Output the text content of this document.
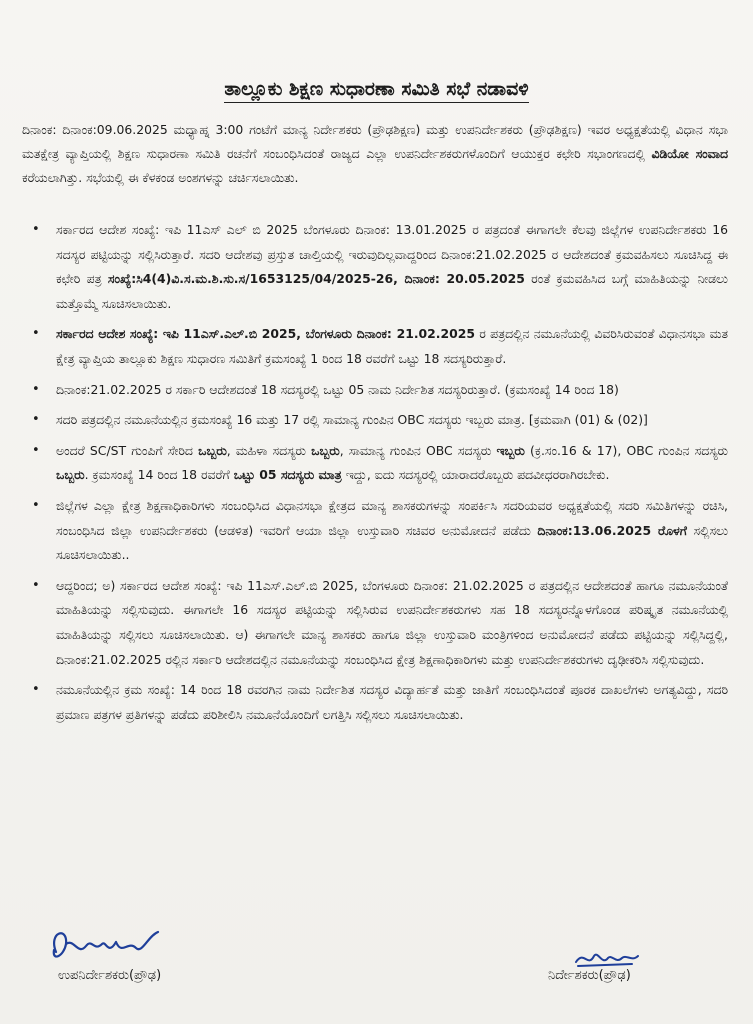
ತಾಲ್ಲೂಕು ಶಿಕ್ಷಣ ಸುಧಾರಣಾ ಸಮಿತಿ ಸಭೆ ನಡಾವಳಿ

ದಿನಾಂಕ: ದಿನಾಂಕ:09.06.2025 ಮಧ್ಯಾಹ್ನ 3:00 ಗಂಟೆಗೆ ಮಾನ್ಯ ನಿರ್ದೇಶಕರು (ಪ್ರೌಢಶಿಕ್ಷಣ) ಮತ್ತು ಉಪನಿರ್ದೇಶಕರು (ಪ್ರೌಢಶಿಕ್ಷಣ) ಇವರ ಅಧ್ಯಕ್ಷತೆಯಲ್ಲಿ ವಿಧಾನ ಸಭಾ ಮತಕ್ಷೇತ್ರ ವ್ಯಾಪ್ತಿಯಲ್ಲಿ ಶಿಕ್ಷಣ ಸುಧಾರಣಾ ಸಮಿತಿ ರಚನೆಗೆ ಸಂಬಂಧಿಸಿದಂತೆ ರಾಜ್ಯದ ಎಲ್ಲಾ ಉಪನಿರ್ದೇಶಕರುಗಳೊಂದಿಗೆ ಆಯುಕ್ತರ ಕಛೇರಿ ಸಭಾಂಗಣದಲ್ಲಿ ವಿಡಿಯೋ ಸಂವಾದ ಕರೆಯಲಾಗಿತ್ತು. ಸಭೆಯಲ್ಲಿ ಈ ಕೆಳಕಂಡ ಅಂಶಗಳನ್ನು ಚರ್ಚಿಸಲಾಯಿತು.

• ಸರ್ಕಾರದ ಆದೇಶ ಸಂಖ್ಯೆ: ಇಪಿ 11ಎಸ್ ಎಲ್ ಬಿ 2025 ಬೆಂಗಳೂರು ದಿನಾಂಕ: 13.01.2025 ರ ಪತ್ರದಂತೆ ಈಗಾಗಲೇ ಕೆಲವು ಜಿಲ್ಲೆಗಳ ಉಪನಿರ್ದೇಶಕರು 16 ಸದಸ್ಯರ ಪಟ್ಟಿಯನ್ನು ಸಲ್ಲಿಸಿರುತ್ತಾರೆ. ಸದರಿ ಆದೇಶವು ಪ್ರಸ್ತುತ ಚಾಲ್ತಿಯಲ್ಲಿ ಇರುವುದಿಲ್ಲವಾದ್ದರಿಂದ ದಿನಾಂಕ:21.02.2025 ರ ಆದೇಶದಂತೆ ಕ್ರಮವಹಿಸಲು ಸೂಚಿಸಿದ್ದ ಈ ಕಛೇರಿ ಪತ್ರ ಸಂಖ್ಯೆ:ಸಿ4(4)ವಿ.ಸ.ಮ.ಶಿ.ಸು.ಸ/1653125/04/2025-26, ದಿನಾಂಕ: 20.05.2025 ರಂತೆ ಕ್ರಮವಹಿಸಿದ ಬಗ್ಗೆ ಮಾಹಿತಿಯನ್ನು ನೀಡಲು ಮತ್ತೊಮ್ಮೆ ಸೂಚಿಸಲಾಯಿತು.
• ಸರ್ಕಾರದ ಆದೇಶ ಸಂಖ್ಯೆ: ಇಪಿ 11ಎಸ್.ಎಲ್.ಬಿ 2025, ಬೆಂಗಳೂರು ದಿನಾಂಕ: 21.02.2025 ರ ಪತ್ರದಲ್ಲಿನ ನಮೂನೆಯಲ್ಲಿ ವಿವರಿಸಿರುವಂತೆ ವಿಧಾನಸಭಾ ಮತ ಕ್ಷೇತ್ರ ವ್ಯಾಪ್ತಿಯ ತಾಲ್ಲೂಕು ಶಿಕ್ಷಣ ಸುಧಾರಣ ಸಮಿತಿಗೆ ಕ್ರಮಸಂಖ್ಯೆ 1 ರಿಂದ 18 ರವರೆಗೆ ಒಟ್ಟು 18 ಸದಸ್ಯರಿರುತ್ತಾರೆ.
• ದಿನಾಂಕ:21.02.2025 ರ ಸರ್ಕಾರಿ ಆದೇಶದಂತೆ 18 ಸದಸ್ಯರಲ್ಲಿ ಒಟ್ಟು 05 ನಾಮ ನಿರ್ದೇಶಿತ ಸದಸ್ಯರಿರುತ್ತಾರೆ. (ಕ್ರಮಸಂಖ್ಯೆ 14 ರಿಂದ 18)
• ಸದರಿ ಪತ್ರದಲ್ಲಿನ ನಮೂನೆಯಲ್ಲಿನ ಕ್ರಮಸಂಖ್ಯೆ 16 ಮತ್ತು 17 ರಲ್ಲಿ ಸಾಮಾನ್ಯ ಗುಂಪಿನ OBC ಸದಸ್ಯರು ಇಬ್ಬರು ಮಾತ್ರ. [ಕ್ರಮವಾಗಿ (01) & (02)]
• ಅಂದರೆ SC/ST ಗುಂಪಿಗೆ ಸೇರಿದ ಒಬ್ಬರು, ಮಹಿಳಾ ಸದಸ್ಯರು ಒಬ್ಬರು, ಸಾಮಾನ್ಯ ಗುಂಪಿನ OBC ಸದಸ್ಯರು ಇಬ್ಬರು (ಕ್ರ.ಸಂ.16 & 17), OBC ಗುಂಪಿನ ಸದಸ್ಯರು ಒಬ್ಬರು. ಕ್ರಮಸಂಖ್ಯೆ 14 ರಿಂದ 18 ರವರೆಗೆ ಒಟ್ಟು 05 ಸದಸ್ಯರು ಮಾತ್ರ ಇದ್ದು, ಐದು ಸದಸ್ಯರಲ್ಲಿ ಯಾರಾದರೊಬ್ಬರು ಪದವೀಧರರಾಗಿರಬೇಕು.
• ಜಿಲ್ಲೆಗಳ ಎಲ್ಲಾ ಕ್ಷೇತ್ರ ಶಿಕ್ಷಣಾಧಿಕಾರಿಗಳು ಸಂಬಂಧಿಸಿದ ವಿಧಾನಸಭಾ ಕ್ಷೇತ್ರದ ಮಾನ್ಯ ಶಾಸಕರುಗಳನ್ನು ಸಂಪರ್ಕಿಸಿ ಸದರಿಯವರ ಅಧ್ಯಕ್ಷತೆಯಲ್ಲಿ ಸದರಿ ಸಮಿತಿಗಳನ್ನು ರಚಿಸಿ, ಸಂಬಂಧಿಸಿದ ಜಿಲ್ಲಾ ಉಪನಿರ್ದೇಶಕರು (ಆಡಳಿತ) ಇವರಿಗೆ ಆಯಾ ಜಿಲ್ಲಾ ಉಸ್ತುವಾರಿ ಸಚಿವರ ಅನುಮೋದನೆ ಪಡೆದು ದಿನಾಂಕ:13.06.2025 ರೊಳಗೆ ಸಲ್ಲಿಸಲು ಸೂಚಿಸಲಾಯಿತು..
• ಆದ್ದರಿಂದ; ಅ) ಸರ್ಕಾರದ ಆದೇಶ ಸಂಖ್ಯೆ: ಇಪಿ 11ಎಸ್.ಎಲ್.ಬಿ 2025, ಬೆಂಗಳೂರು ದಿನಾಂಕ: 21.02.2025 ರ ಪತ್ರದಲ್ಲಿನ ಆದೇಶದಂತೆ ಹಾಗೂ ನಮೂನೆಯಂತೆ ಮಾಹಿತಿಯನ್ನು ಸಲ್ಲಿಸುವುದು. ಈಗಾಗಲೇ 16 ಸದಸ್ಯರ ಪಟ್ಟಿಯನ್ನು ಸಲ್ಲಿಸಿರುವ ಉಪನಿರ್ದೇಶಕರುಗಳು ಸಹ 18 ಸದಸ್ಯರನ್ನೊಳಗೊಂಡ ಪರಿಷ್ಕೃತ ನಮೂನೆಯಲ್ಲಿ ಮಾಹಿತಿಯನ್ನು ಸಲ್ಲಿಸಲು ಸೂಚಿಸಲಾಯಿತು. ಆ) ಈಗಾಗಲೇ ಮಾನ್ಯ ಶಾಸಕರು ಹಾಗೂ ಜಿಲ್ಲಾ ಉಸ್ತುವಾರಿ ಮಂತ್ರಿಗಳಿಂದ ಅನುಮೋದನೆ ಪಡೆದು ಪಟ್ಟಿಯನ್ನು ಸಲ್ಲಿಸಿದ್ದಲ್ಲಿ, ದಿನಾಂಕ:21.02.2025 ರಲ್ಲಿನ ಸರ್ಕಾರಿ ಆದೇಶದಲ್ಲಿನ ನಮೂನೆಯನ್ನು ಸಂಬಂಧಿಸಿದ ಕ್ಷೇತ್ರ ಶಿಕ್ಷಣಾಧಿಕಾರಿಗಳು ಮತ್ತು ಉಪನಿರ್ದೇಶಕರುಗಳು ದೃಢೀಕರಿಸಿ ಸಲ್ಲಿಸುವುದು.
• ನಮೂನೆಯಲ್ಲಿನ ಕ್ರಮ ಸಂಖ್ಯೆ: 14 ರಿಂದ 18 ರವರಗಿನ ನಾಮ ನಿರ್ದೇಶಿತ ಸದಸ್ಯರ ವಿದ್ಯಾರ್ಹತೆ ಮತ್ತು ಜಾತಿಗೆ ಸಂಬಂಧಿಸಿದಂತೆ ಪೂರಕ ದಾಖಲೆಗಳು ಅಗತ್ಯವಿದ್ದು, ಸದರಿ ಪ್ರಮಾಣ ಪತ್ರಗಳ ಪ್ರತಿಗಳನ್ನು ಪಡೆದು ಪರಿಶೀಲಿಸಿ ನಮೂನೆಯೊಂದಿಗೆ ಲಗತ್ತಿಸಿ ಸಲ್ಲಿಸಲು ಸೂಚಿಸಲಾಯಿತು.
ಉಪನಿರ್ದೇಶಕರು(ಪ್ರೌಢ)	ನಿರ್ದೇಶಕರು(ಪ್ರೌಢ)
